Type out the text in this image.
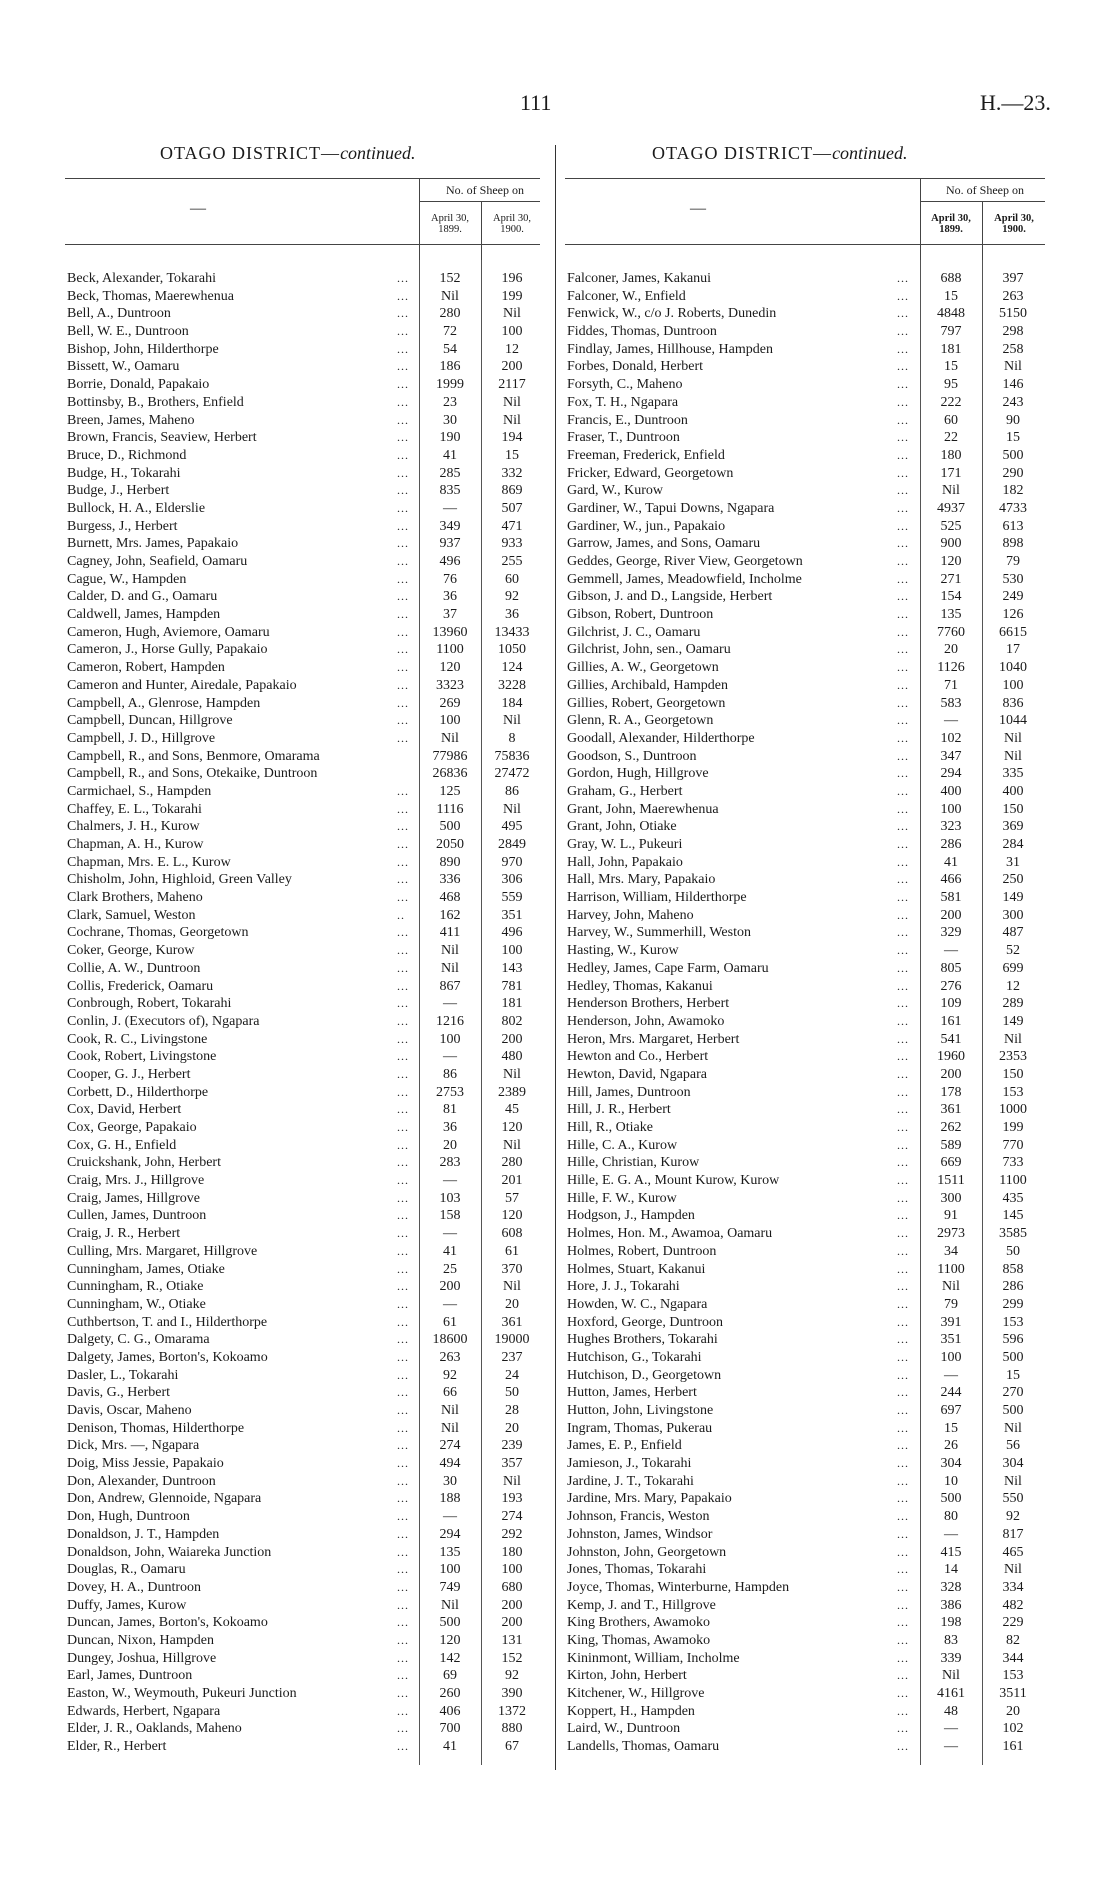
111	H.—23.
OTAGO DISTRICT—continued.	OTAGO DISTRICT—continued.
—
No. of Sheep on
April 30,
1899.
April 30,
1900.
—
No. of Sheep on
April 30,
1899.
April 30,
1900.
Beck, Alexander, Tokarahi	...	152	196
Beck, Thomas, Maerewhenua	...	Nil	199
Bell, A., Duntroon	...	280	Nil
Bell, W. E., Duntroon	...	72	100
Bishop, John, Hilderthorpe	...	54	12
Bissett, W., Oamaru	...	186	200
Borrie, Donald, Papakaio	...	1999	2117
Bottinsby, B., Brothers, Enfield	...	23	Nil
Breen, James, Maheno	...	30	Nil
Brown, Francis, Seaview, Herbert	...	190	194
Bruce, D., Richmond	...	41	15
Budge, H., Tokarahi	...	285	332
Budge, J., Herbert	...	835	869
Bullock, H. A., Elderslie	...	—	507
Burgess, J., Herbert	...	349	471
Burnett, Mrs. James, Papakaio	...	937	933
Cagney, John, Seafield, Oamaru	...	496	255
Cague, W., Hampden	...	76	60
Calder, D. and G., Oamaru	...	36	92
Caldwell, James, Hampden	...	37	36
Cameron, Hugh, Aviemore, Oamaru	...	13960	13433
Cameron, J., Horse Gully, Papakaio	...	1100	1050
Cameron, Robert, Hampden	...	120	124
Cameron and Hunter, Airedale, Papakaio	...	3323	3228
Campbell, A., Glenrose, Hampden	...	269	184
Campbell, Duncan, Hillgrove	...	100	Nil
Campbell, J. D., Hillgrove	...	Nil	8
Campbell, R., and Sons, Benmore, Omarama	77986	75836
Campbell, R., and Sons, Otekaike, Duntroon	26836	27472
Carmichael, S., Hampden	...	125	86
Chaffey, E. L., Tokarahi	...	1116	Nil
Chalmers, J. H., Kurow	...	500	495
Chapman, A. H., Kurow	...	2050	2849
Chapman, Mrs. E. L., Kurow	...	890	970
Chisholm, John, Highloid, Green Valley	...	336	306
Clark Brothers, Maheno	...	468	559
Clark, Samuel, Weston	..	162	351
Cochrane, Thomas, Georgetown	...	411	496
Coker, George, Kurow	...	Nil	100
Collie, A. W., Duntroon	...	Nil	143
Collis, Frederick, Oamaru	...	867	781
Conbrough, Robert, Tokarahi	...	—	181
Conlin, J. (Executors of), Ngapara	...	1216	802
Cook, R. C., Livingstone	...	100	200
Cook, Robert, Livingstone	...	—	480
Cooper, G. J., Herbert	...	86	Nil
Corbett, D., Hilderthorpe	...	2753	2389
Cox, David, Herbert	...	81	45
Cox, George, Papakaio	...	36	120
Cox, G. H., Enfield	...	20	Nil
Cruickshank, John, Herbert	...	283	280
Craig, Mrs. J., Hillgrove	...	—	201
Craig, James, Hillgrove	...	103	57
Cullen, James, Duntroon	...	158	120
Craig, J. R., Herbert	...	—	608
Culling, Mrs. Margaret, Hillgrove	...	41	61
Cunningham, James, Otiake	...	25	370
Cunningham, R., Otiake	...	200	Nil
Cunningham, W., Otiake	...	—	20
Cuthbertson, T. and I., Hilderthorpe	...	61	361
Dalgety, C. G., Omarama	...	18600	19000
Dalgety, James, Borton's, Kokoamo	...	263	237
Dasler, L., Tokarahi	...	92	24
Davis, G., Herbert	...	66	50
Davis, Oscar, Maheno	...	Nil	28
Denison, Thomas, Hilderthorpe	...	Nil	20
Dick, Mrs. —, Ngapara	...	274	239
Doig, Miss Jessie, Papakaio	...	494	357
Don, Alexander, Duntroon	...	30	Nil
Don, Andrew, Glennoide, Ngapara	...	188	193
Don, Hugh, Duntroon	...	—	274
Donaldson, J. T., Hampden	...	294	292
Donaldson, John, Waiareka Junction	...	135	180
Douglas, R., Oamaru	...	100	100
Dovey, H. A., Duntroon	...	749	680
Duffy, James, Kurow	...	Nil	200
Duncan, James, Borton's, Kokoamo	...	500	200
Duncan, Nixon, Hampden	...	120	131
Dungey, Joshua, Hillgrove	...	142	152
Earl, James, Duntroon	...	69	92
Easton, W., Weymouth, Pukeuri Junction	...	260	390
Edwards, Herbert, Ngapara	...	406	1372
Elder, J. R., Oaklands, Maheno	...	700	880
Elder, R., Herbert	...	41	67
Falconer, James, Kakanui	...	688	397
Falconer, W., Enfield	...	15	263
Fenwick, W., c/o J. Roberts, Dunedin	...	4848	5150
Fiddes, Thomas, Duntroon	...	797	298
Findlay, James, Hillhouse, Hampden	...	181	258
Forbes, Donald, Herbert	...	15	Nil
Forsyth, C., Maheno	...	95	146
Fox, T. H., Ngapara	...	222	243
Francis, E., Duntroon	...	60	90
Fraser, T., Duntroon	...	22	15
Freeman, Frederick, Enfield	...	180	500
Fricker, Edward, Georgetown	...	171	290
Gard, W., Kurow	...	Nil	182
Gardiner, W., Tapui Downs, Ngapara	...	4937	4733
Gardiner, W., jun., Papakaio	...	525	613
Garrow, James, and Sons, Oamaru	...	900	898
Geddes, George, River View, Georgetown	...	120	79
Gemmell, James, Meadowfield, Incholme	...	271	530
Gibson, J. and D., Langside, Herbert	...	154	249
Gibson, Robert, Duntroon	...	135	126
Gilchrist, J. C., Oamaru	...	7760	6615
Gilchrist, John, sen., Oamaru	...	20	17
Gillies, A. W., Georgetown	...	1126	1040
Gillies, Archibald, Hampden	...	71	100
Gillies, Robert, Georgetown	...	583	836
Glenn, R. A., Georgetown	...	—	1044
Goodall, Alexander, Hilderthorpe	...	102	Nil
Goodson, S., Duntroon	...	347	Nil
Gordon, Hugh, Hillgrove	...	294	335
Graham, G., Herbert	...	400	400
Grant, John, Maerewhenua	...	100	150
Grant, John, Otiake	...	323	369
Gray, W. L., Pukeuri	...	286	284
Hall, John, Papakaio	...	41	31
Hall, Mrs. Mary, Papakaio	...	466	250
Harrison, William, Hilderthorpe	...	581	149
Harvey, John, Maheno	...	200	300
Harvey, W., Summerhill, Weston	...	329	487
Hasting, W., Kurow	...	—	52
Hedley, James, Cape Farm, Oamaru	...	805	699
Hedley, Thomas, Kakanui	...	276	12
Henderson Brothers, Herbert	...	109	289
Henderson, John, Awamoko	...	161	149
Heron, Mrs. Margaret, Herbert	...	541	Nil
Hewton and Co., Herbert	...	1960	2353
Hewton, David, Ngapara	...	200	150
Hill, James, Duntroon	...	178	153
Hill, J. R., Herbert	...	361	1000
Hill, R., Otiake	...	262	199
Hille, C. A., Kurow	...	589	770
Hille, Christian, Kurow	...	669	733
Hille, E. G. A., Mount Kurow, Kurow	...	1511	1100
Hille, F. W., Kurow	...	300	435
Hodgson, J., Hampden	...	91	145
Holmes, Hon. M., Awamoa, Oamaru	...	2973	3585
Holmes, Robert, Duntroon	...	34	50
Holmes, Stuart, Kakanui	...	1100	858
Hore, J. J., Tokarahi	...	Nil	286
Howden, W. C., Ngapara	...	79	299
Hoxford, George, Duntroon	...	391	153
Hughes Brothers, Tokarahi	...	351	596
Hutchison, G., Tokarahi	...	100	500
Hutchison, D., Georgetown	...	—	15
Hutton, James, Herbert	...	244	270
Hutton, John, Livingstone	...	697	500
Ingram, Thomas, Pukerau	...	15	Nil
James, E. P., Enfield	...	26	56
Jamieson, J., Tokarahi	...	304	304
Jardine, J. T., Tokarahi	...	10	Nil
Jardine, Mrs. Mary, Papakaio	...	500	550
Johnson, Francis, Weston	...	80	92
Johnston, James, Windsor	...	—	817
Johnston, John, Georgetown	...	415	465
Jones, Thomas, Tokarahi	...	14	Nil
Joyce, Thomas, Winterburne, Hampden	...	328	334
Kemp, J. and T., Hillgrove	...	386	482
King Brothers, Awamoko	...	198	229
King, Thomas, Awamoko	...	83	82
Kininmont, William, Incholme	...	339	344
Kirton, John, Herbert	...	Nil	153
Kitchener, W., Hillgrove	...	4161	3511
Koppert, H., Hampden	...	48	20
Laird, W., Duntroon	...	—	102
Landells, Thomas, Oamaru	...	—	161
